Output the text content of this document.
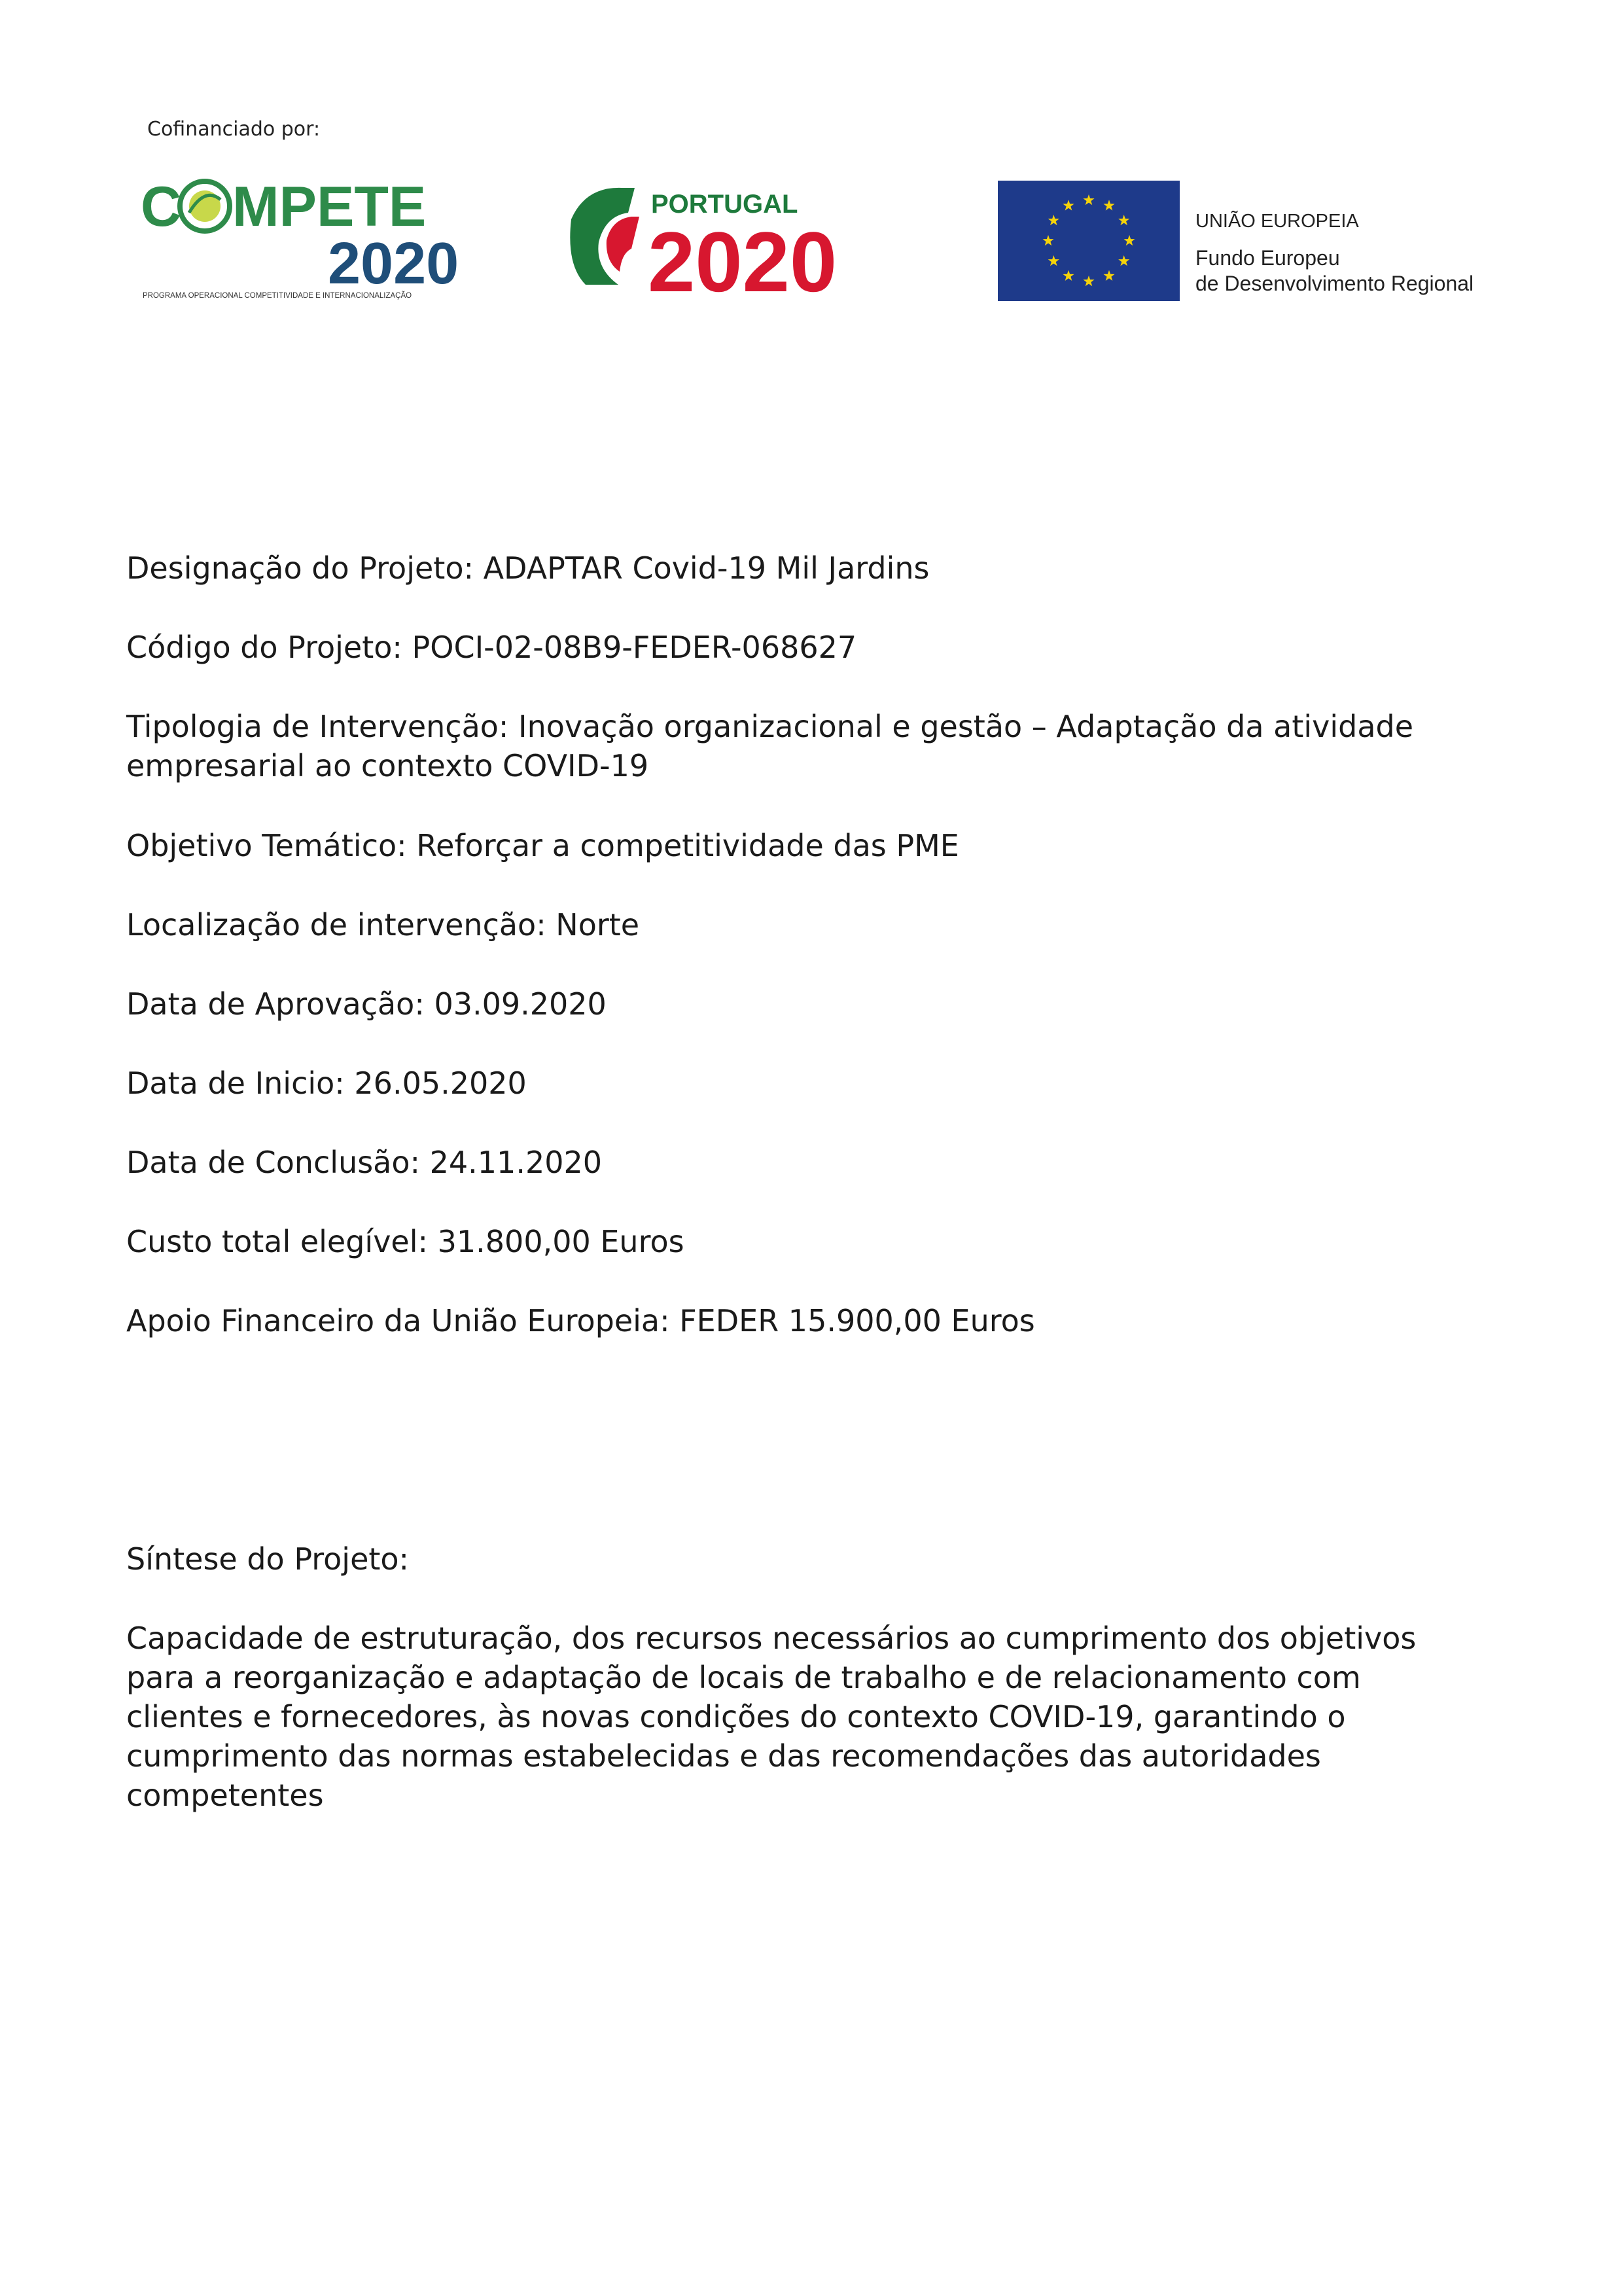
Cofinanciado por:
C MPETE
2020
PROGRAMA OPERACIONAL COMPETITIVIDADE E INTERNACIONALIZAÇÃO
PORTUGAL
2020	UNIÃO EUROPEIA
Fundo Europeu
de Desenvolvimento Regional
Designação do Projeto: ADAPTAR Covid-19 Mil Jardins
Código do Projeto: POCI-02-08B9-FEDER-068627
Tipologia de Intervenção: Inovação organizacional e gestão – Adaptação da atividade empresarial ao contexto COVID-19
Objetivo Temático: Reforçar a competitividade das PME
Localização de intervenção: Norte
Data de Aprovação: 03.09.2020
Data de Inicio: 26.05.2020
Data de Conclusão: 24.11.2020
Custo total elegível: 31.800,00 Euros
Apoio Financeiro da União Europeia: FEDER 15.900,00 Euros
Síntese do Projeto:
Capacidade de estruturação, dos recursos necessários ao cumprimento dos objetivos para a reorganização e adaptação de locais de trabalho e de relacionamento com clientes e fornecedores, às novas condições do contexto COVID-19, garantindo o cumprimento das normas estabelecidas e das recomendações das autoridades competentes
